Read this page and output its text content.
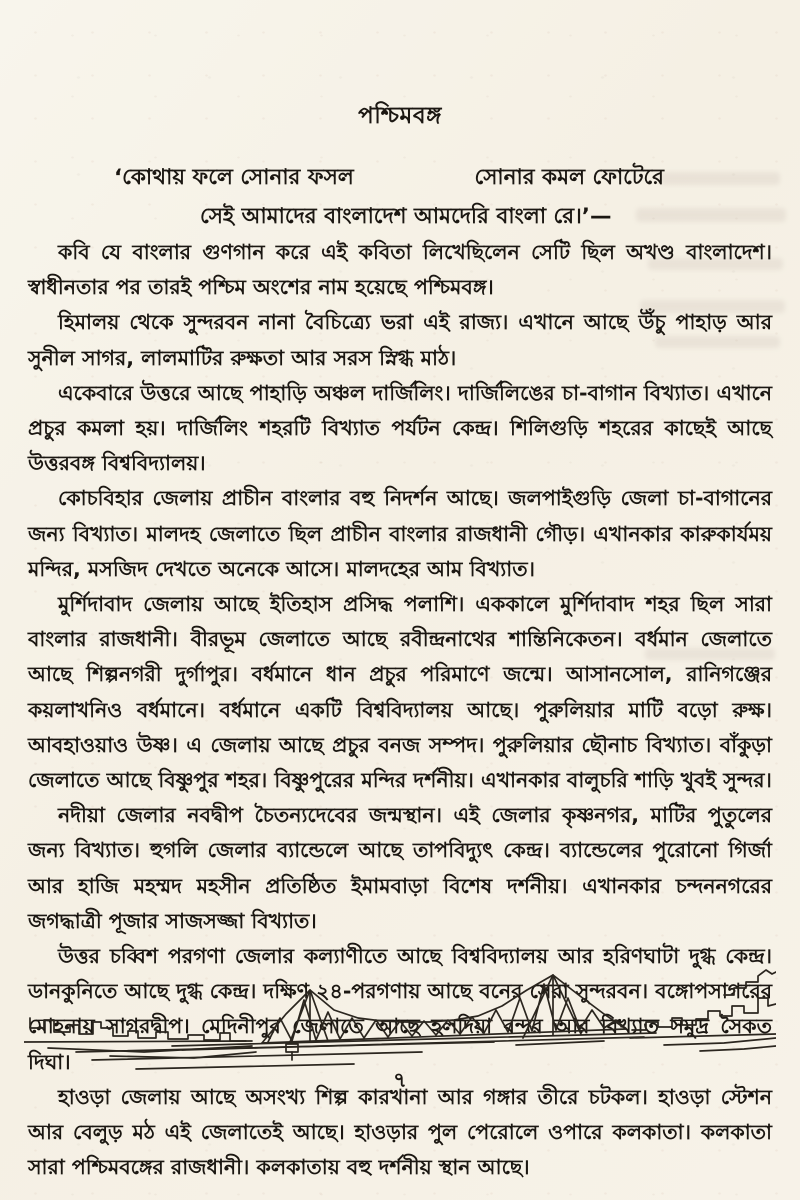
পশ্চিমবঙ্গ
‘কোথায় ফলে সোনার ফসল	সোনার কমল ফোটেরে
সেই আমাদের বাংলাদেশ আমদেরি বাংলা রে।’—

কবি যে বাংলার গুণগান করে এই কবিতা লিখেছিলেন সেটি ছিল অখণ্ড বাংলাদেশ। স্বাধীনতার পর তারই পশ্চিম অংশের নাম হয়েছে পশ্চিমবঙ্গ।

হিমালয় থেকে সুন্দরবন নানা বৈচিত্র্যে ভরা এই রাজ্য। এখানে আছে উঁচু পাহাড় আর সুনীল সাগর, লালমাটির রুক্ষতা আর সরস স্নিগ্ধ মাঠ।

একেবারে উত্তরে আছে পাহাড়ি অঞ্চল দার্জিলিং। দার্জিলিঙের চা-বাগান বিখ্যাত। এখানে প্রচুর কমলা হয়। দার্জিলিং শহরটি বিখ্যাত পর্যটন কেন্দ্র। শিলিগুড়ি শহরের কাছেই আছে উত্তরবঙ্গ বিশ্ববিদ্যালয়।

কোচবিহার জেলায় প্রাচীন বাংলার বহু নিদর্শন আছে। জলপাইগুড়ি জেলা চা-বাগানের জন্য বিখ্যাত। মালদহ জেলাতে ছিল প্রাচীন বাংলার রাজধানী গৌড়। এখানকার কারুকার্যময় মন্দির, মসজিদ দেখতে অনেকে আসে। মালদহের আম বিখ্যাত।

মুর্শিদাবাদ জেলায় আছে ইতিহাস প্রসিদ্ধ পলাশি। এককালে মুর্শিদাবাদ শহর ছিল সারা বাংলার রাজধানী। বীরভূম জেলাতে আছে রবীন্দ্রনাথের শান্তিনিকেতন। বর্ধমান জেলাতে আছে শিল্পনগরী দুর্গাপুর। বর্ধমানে ধান প্রচুর পরিমাণে জন্মে। আসানসোল, রানিগঞ্জের কয়লাখনিও বর্ধমানে। বর্ধমানে একটি বিশ্ববিদ্যালয় আছে। পুরুলিয়ার মাটি বড়ো রুক্ষ। আবহাওয়াও উষ্ণ। এ জেলায় আছে প্রচুর বনজ সম্পদ। পুরুলিয়ার ছৌনাচ বিখ্যাত। বাঁকুড়া জেলাতে আছে বিষ্ণুপুর শহর। বিষ্ণুপুরের মন্দির দর্শনীয়। এখানকার বালুচরি শাড়ি খুবই সুন্দর।

নদীয়া জেলার নবদ্বীপ চৈতন্যদেবের জন্মস্থান। এই জেলার কৃষ্ণনগর, মাটির পুতুলের জন্য বিখ্যাত। হুগলি জেলার ব্যান্ডেলে আছে তাপবিদ্যুৎ কেন্দ্র। ব্যান্ডেলের পুরোনো গির্জা আর হাজি মহম্মদ মহসীন প্রতিষ্ঠিত ইমামবাড়া বিশেষ দর্শনীয়। এখানকার চন্দননগরের জগদ্ধাত্রী পূজার সাজসজ্জা বিখ্যাত।

উত্তর চব্বিশ পরগণা জেলার কল্যাণীতে আছে বিশ্ববিদ্যালয় আর হরিণঘাটা দুগ্ধ কেন্দ্র। ডানকুনিতে আছে দুগ্ধ কেন্দ্র। দক্ষিণ ২৪-পরগণায় আছে বনের সেরা সুন্দরবন। বঙ্গোপসাগরের মোহনায় সাগরদ্বীপ। মেদিনীপুর জেলাতে আছে হলদিয়া বন্দর আর বিখ্যাত সমুদ্র সৈকত দিঘা।

হাওড়া জেলায় আছে অসংখ্য শিল্প কারখানা আর গঙ্গার তীরে চটকল। হাওড়া স্টেশন আর বেলুড় মঠ এই জেলাতেই আছে। হাওড়ার পুল পেরোলে ওপারে কলকাতা। কলকাতা সারা পশ্চিমবঙ্গের রাজধানী। কলকাতায় বহু দর্শনীয় স্থান আছে।

৭
